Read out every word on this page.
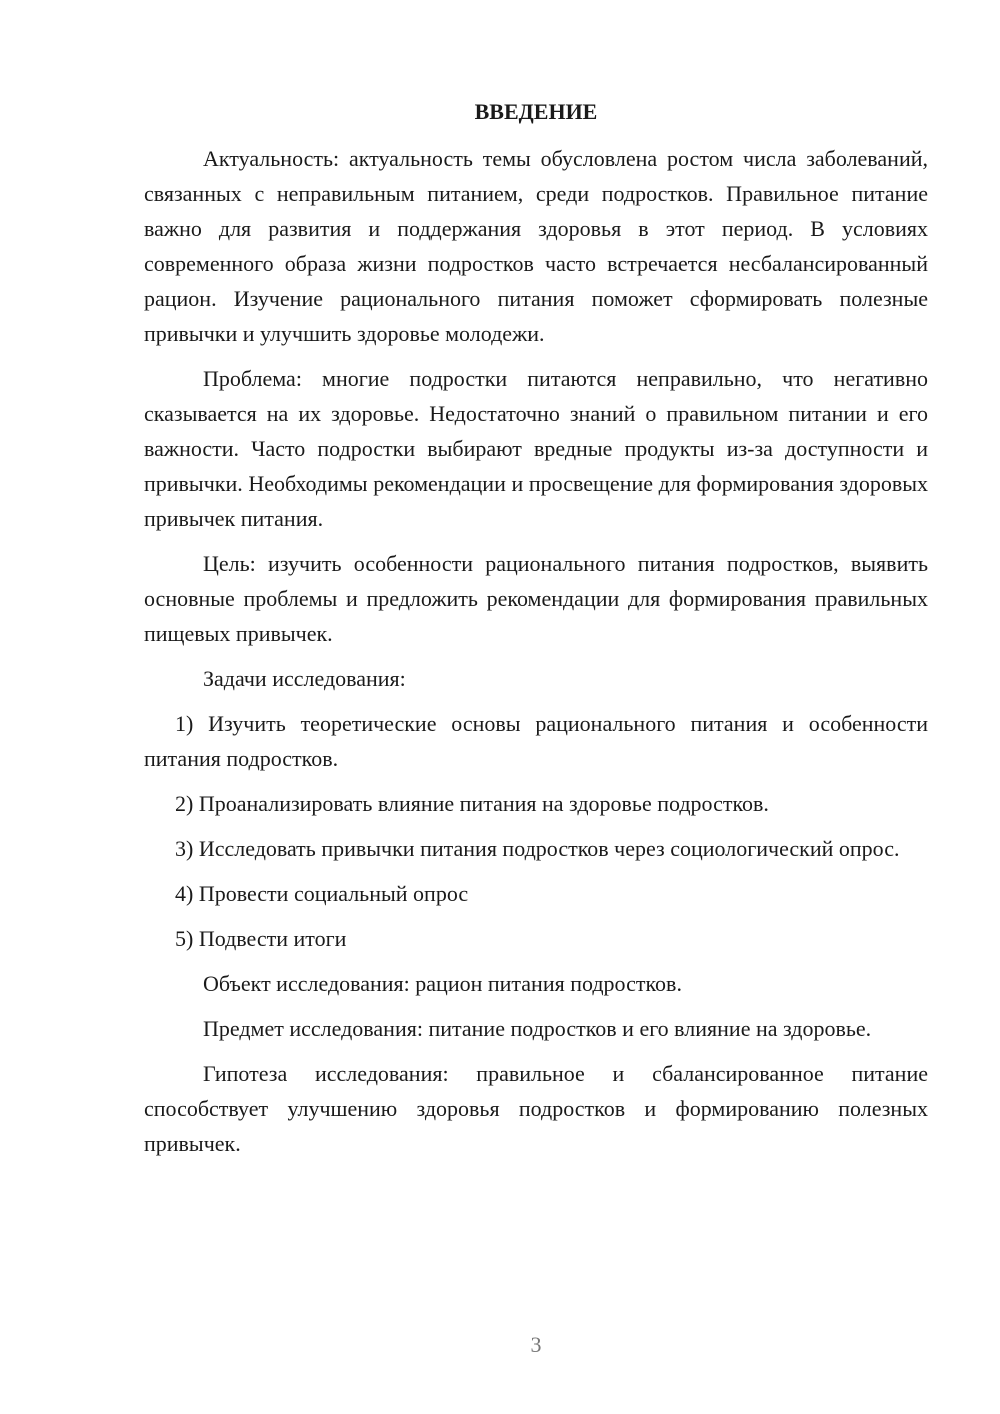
ВВЕДЕНИЕ

Актуальность: актуальность темы обусловлена ростом числа заболеваний, связанных с неправильным питанием, среди подростков. Правильное питание важно для развития и поддержания здоровья в этот период. В условиях современного образа жизни подростков часто встречается несбалансированный рацион. Изучение рационального питания поможет сформировать полезные привычки и улучшить здоровье молодежи.

Проблема: многие подростки питаются неправильно, что негативно сказывается на их здоровье. Недостаточно знаний о правильном питании и его важности. Часто подростки выбирают вредные продукты из-за доступности и привычки. Необходимы рекомендации и просвещение для формирования здоровых привычек питания.

Цель: изучить особенности рационального питания подростков, выявить основные проблемы и предложить рекомендации для формирования правильных пищевых привычек.

Задачи исследования:

1) Изучить теоретические основы рационального питания и особенности питания подростков.

2) Проанализировать влияние питания на здоровье подростков.

3) Исследовать привычки питания подростков через социологический опрос.

4) Провести социальный опрос

5) Подвести итоги

Объект исследования: рацион питания подростков.

Предмет исследования: питание подростков и его влияние на здоровье.

Гипотеза исследования: правильное и сбалансированное питание способствует улучшению здоровья подростков и формированию полезных привычек.

3
